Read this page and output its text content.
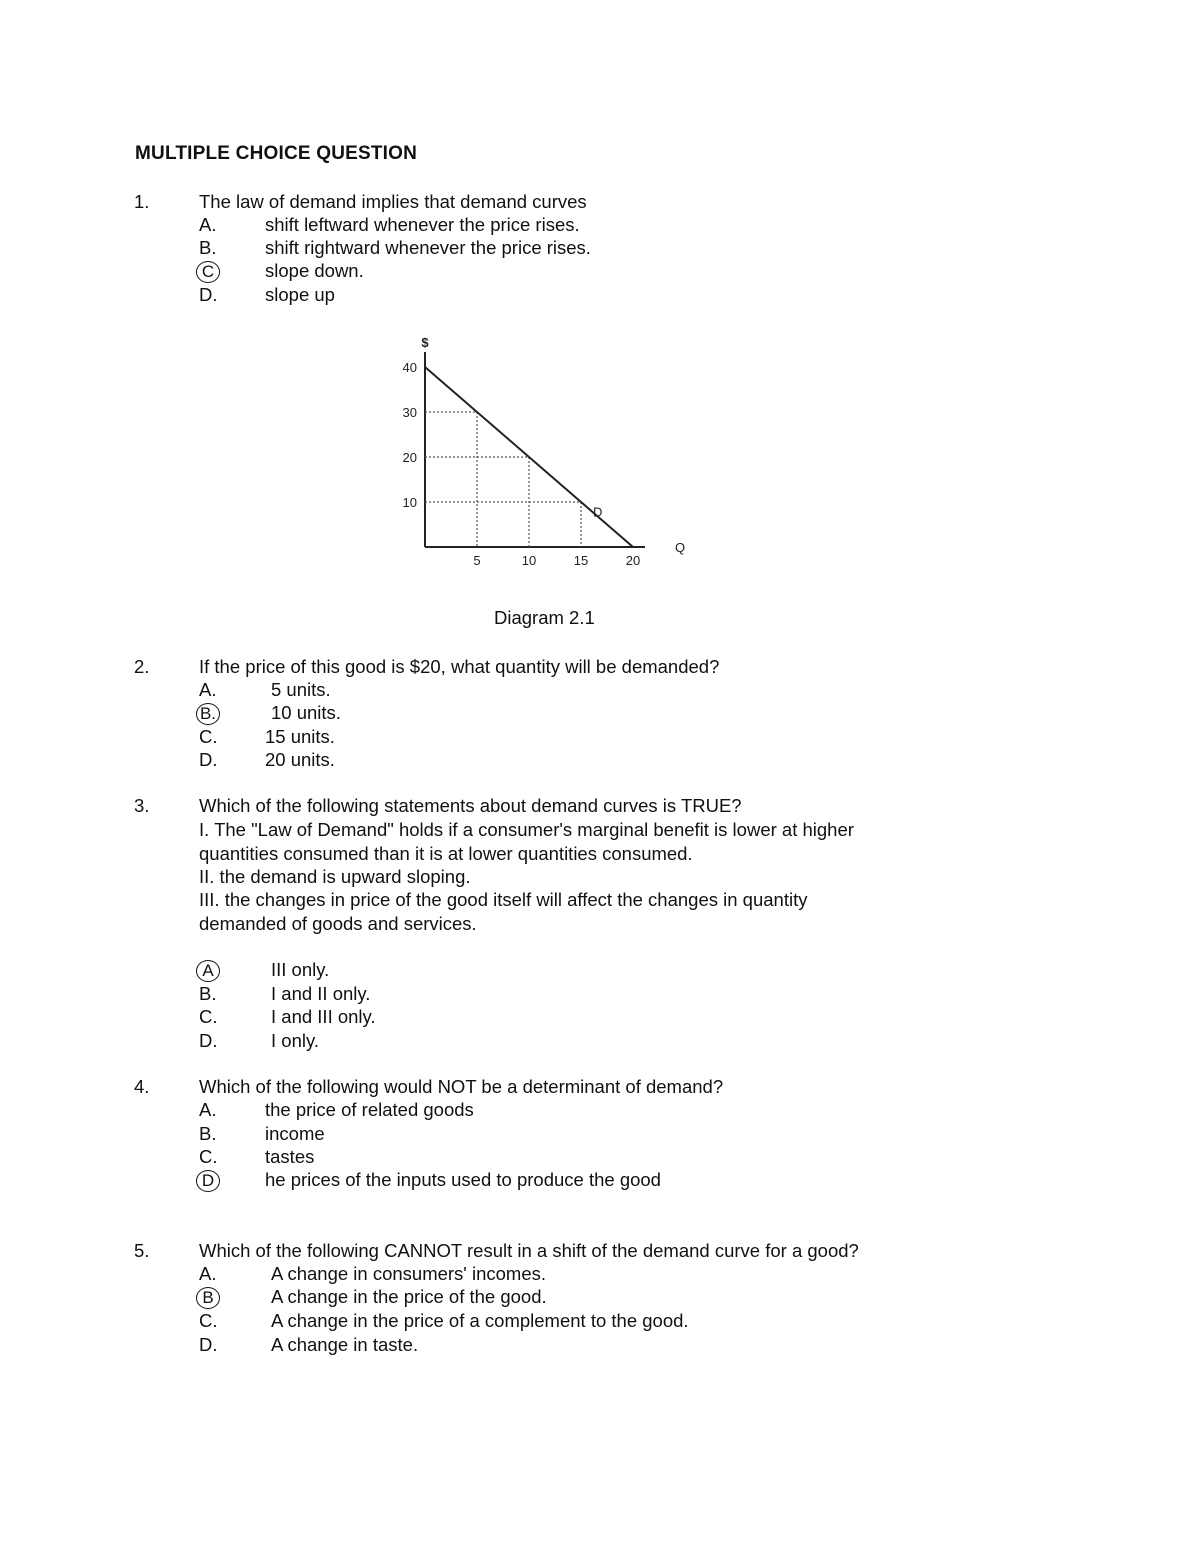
MULTIPLE CHOICE QUESTION
1.	The law of demand implies that demand curves
A.	shift leftward whenever the price rises.
B.	shift rightward whenever the price rises.
C	slope down.
D.	slope up
40
30
20
10
5	10	15	20
$
Q
D
Diagram 2.1
2.	If the price of this good is $20, what quantity will be demanded?
A.	5 units.
B.	10 units.
C.	15 units.
D.	20 units.
3.	Which of the following statements about demand curves is TRUE?
I. The "Law of Demand" holds if a consumer's marginal benefit is lower at higher
quantities consumed than it is at lower quantities consumed.
II. the demand is upward sloping.
III. the changes in price of the good itself will affect the changes in quantity
demanded of goods and services.
A	III only.
B.	I and II only.
C.	I and III only.
D.	I only.
4.	Which of the following would NOT be a determinant of demand?
A.	the price of related goods
B.	income
C.	tastes
D	he prices of the inputs used to produce the good
5.	Which of the following CANNOT result in a shift of the demand curve for a good?
A.	A change in consumers' incomes.
B	A change in the price of the good.
C.	A change in the price of a complement to the good.
D.	A change in taste.
